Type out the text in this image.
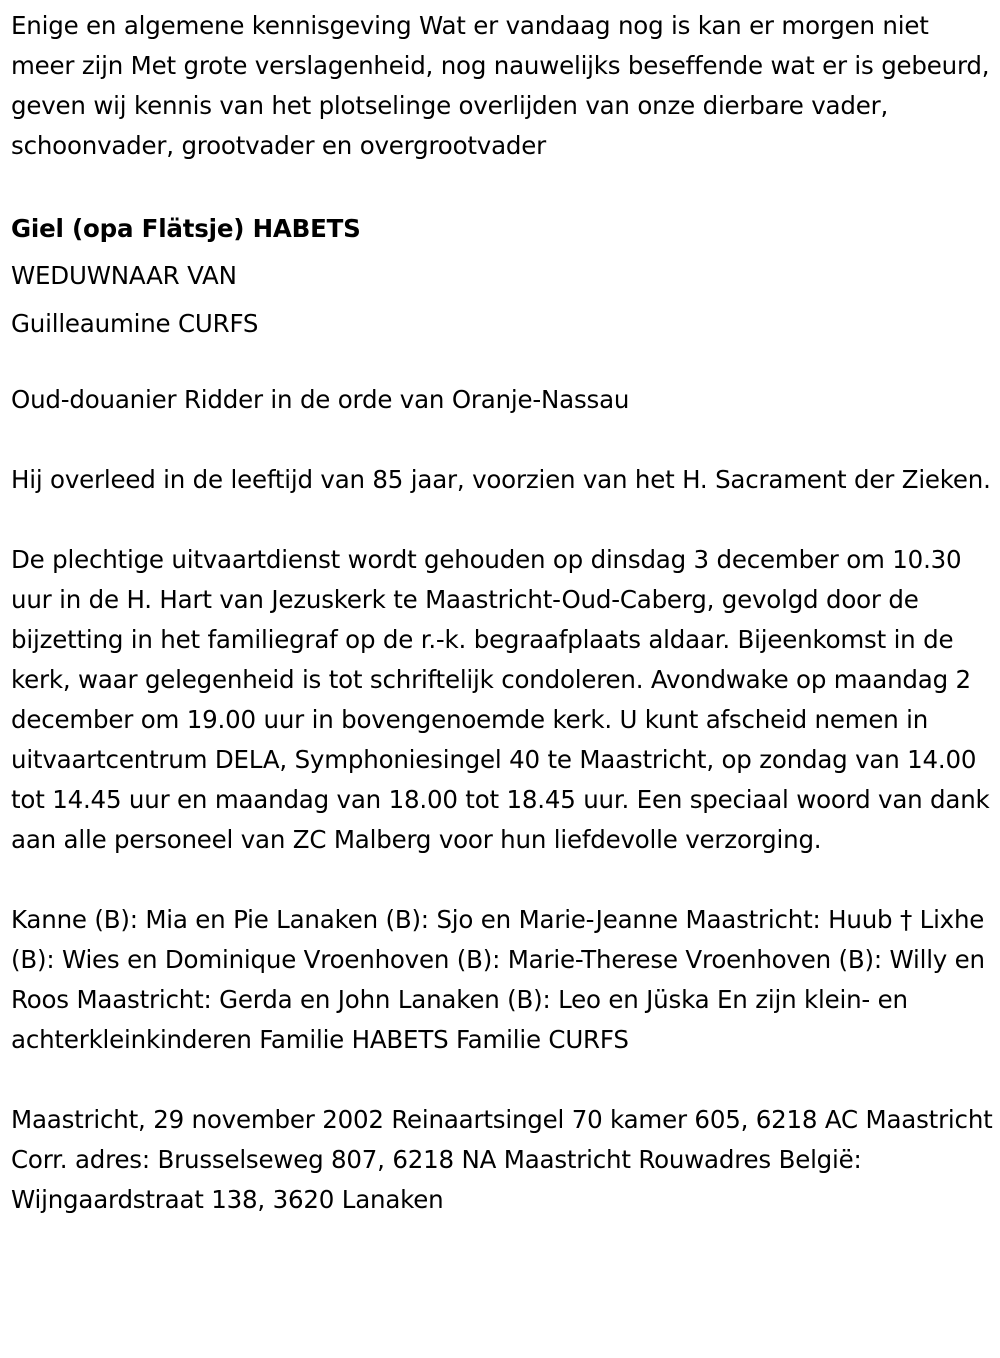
Enige en algemene kennisgeving Wat er vandaag nog is kan er morgen niet meer zijn Met grote verslagenheid, nog nauwelijks beseffende wat er is gebeurd, geven wij kennis van het plotselinge overlijden van onze dierbare vader, schoonvader, grootvader en overgrootvader

Giel (opa Flätsje) HABETS

WEDUWNAAR VAN

Guilleaumine CURFS

Oud-douanier Ridder in de orde van Oranje-Nassau

Hij overleed in de leeftijd van 85 jaar, voorzien van het H. Sacrament der Zieken.

De plechtige uitvaartdienst wordt gehouden op dinsdag 3 december om 10.30 uur in de H. Hart van Jezuskerk te Maastricht-Oud-Caberg, gevolgd door de bijzetting in het familiegraf op de r.-k. begraafplaats aldaar. Bijeenkomst in de kerk, waar gelegenheid is tot schriftelijk condoleren. Avondwake op maandag 2 december om 19.00 uur in bovengenoemde kerk. U kunt afscheid nemen in uitvaartcentrum DELA, Symphoniesingel 40 te Maastricht, op zondag van 14.00 tot 14.45 uur en maandag van 18.00 tot 18.45 uur. Een speciaal woord van dank aan alle personeel van ZC Malberg voor hun liefdevolle verzorging.

Kanne (B): Mia en Pie Lanaken (B): Sjo en Marie-Jeanne Maastricht: Huub † Lixhe (B): Wies en Dominique Vroenhoven (B): Marie-Therese Vroenhoven (B): Willy en Roos Maastricht: Gerda en John Lanaken (B): Leo en Jüska En zijn klein- en achterkleinkinderen Familie HABETS Familie CURFS

Maastricht, 29 november 2002 Reinaartsingel 70 kamer 605, 6218 AC Maastricht Corr. adres: Brusselseweg 807, 6218 NA Maastricht Rouwadres België: Wijngaardstraat 138, 3620 Lanaken
